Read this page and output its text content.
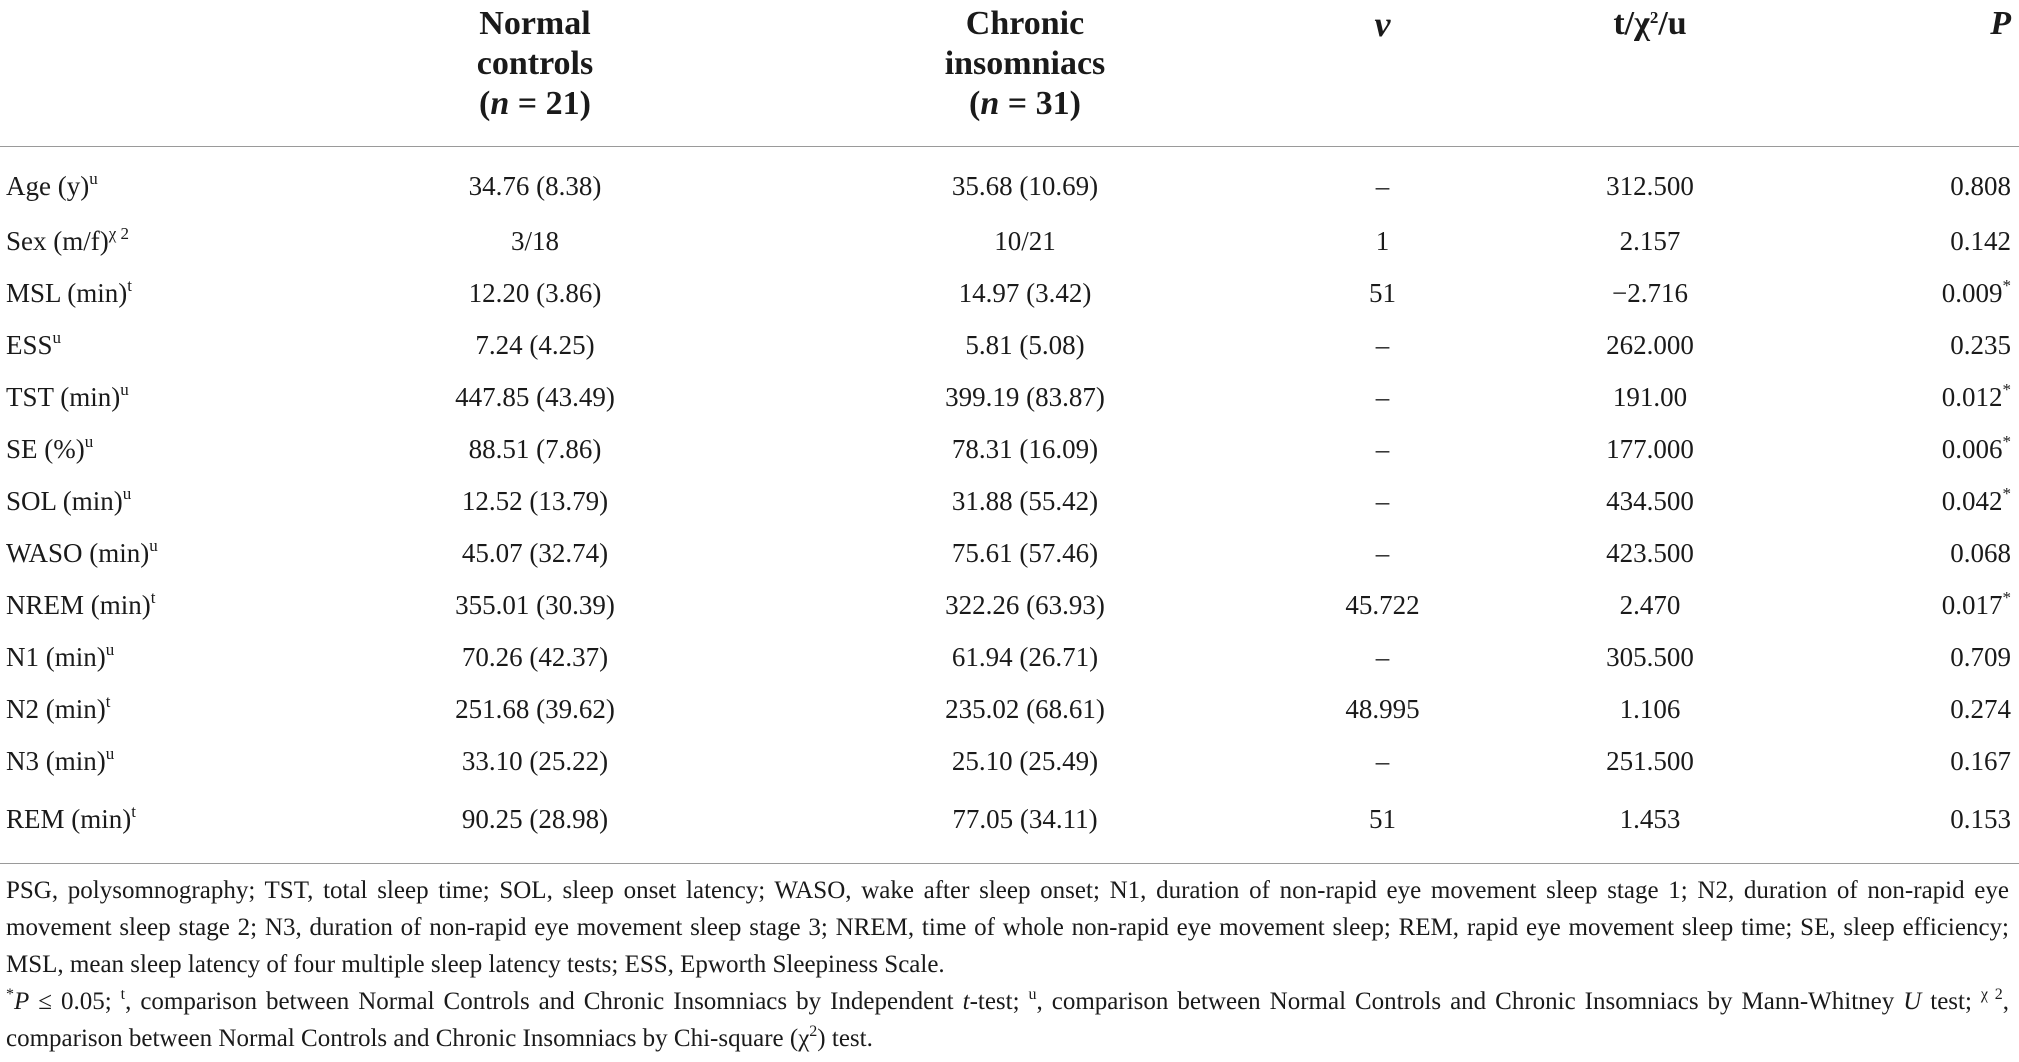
	Normal
controls
(n = 21)	Chronic
insomniacs
(n = 31)	ν	$t/\chi^2/u$	P
Age $(y)^u$	34.76 (8.38)	35.68 (10.69)	–	312.500	0.808
Sex $(m/f)^{\chi 2}$	3/18	10/21	1	2.157	0.142
MSL $(\min)^t$	12.20 (3.86)	14.97 (3.42)	51	−2.716	0.009*
ESS$^u$	7.24 (4.25)	5.81 (5.08)	–	262.000	0.235
TST $(\min)^u$	447.85 (43.49)	399.19 (83.87)	–	191.00	0.012*
SE (%)$^u$	88.51 (7.86)	78.31 (16.09)	–	177.000	0.006*
SOL $(\min)^u$	12.52 (13.79)	31.88 (55.42)	–	434.500	0.042*
WASO $(\min)^u$	45.07 (32.74)	75.61 (57.46)	–	423.500	0.068
NREM $(\min)^t$	355.01 (30.39)	322.26 (63.93)	45.722	2.470	0.017*
N1 $(\min)^u$	70.26 (42.37)	61.94 (26.71)	–	305.500	0.709
N2 $(\min)^t$	251.68 (39.62)	235.02 (68.61)	48.995	1.106	0.274
N3 $(\min)^u$	33.10 (25.22)	25.10 (25.49)	–	251.500	0.167
REM $(\min)^t$	90.25 (28.98)	77.05 (34.11)	51	1.453	0.153

PSG, polysomnography; TST, total sleep time; SOL, sleep onset latency; WASO, wake after sleep onset; N1, duration of non-rapid eye movement sleep stage 1; N2, duration of non-rapid eye movement sleep stage 2; N3, duration of non-rapid eye movement sleep stage 3; NREM, time of whole non-rapid eye movement sleep; REM, rapid eye movement sleep time; SE, sleep efficiency; MSL, mean sleep latency of four multiple sleep latency tests; ESS, Epworth Sleepiness Scale.

*P ≤ 0.05; $^t$, comparison between Normal Controls and Chronic Insomniacs by Independent t-test; $^u$, comparison between Normal Controls and Chronic Insomniacs by Mann-Whitney U test; $^{\chi 2}$, comparison between Normal Controls and Chronic Insomniacs by Chi-square $(\chi^2)$ test.
